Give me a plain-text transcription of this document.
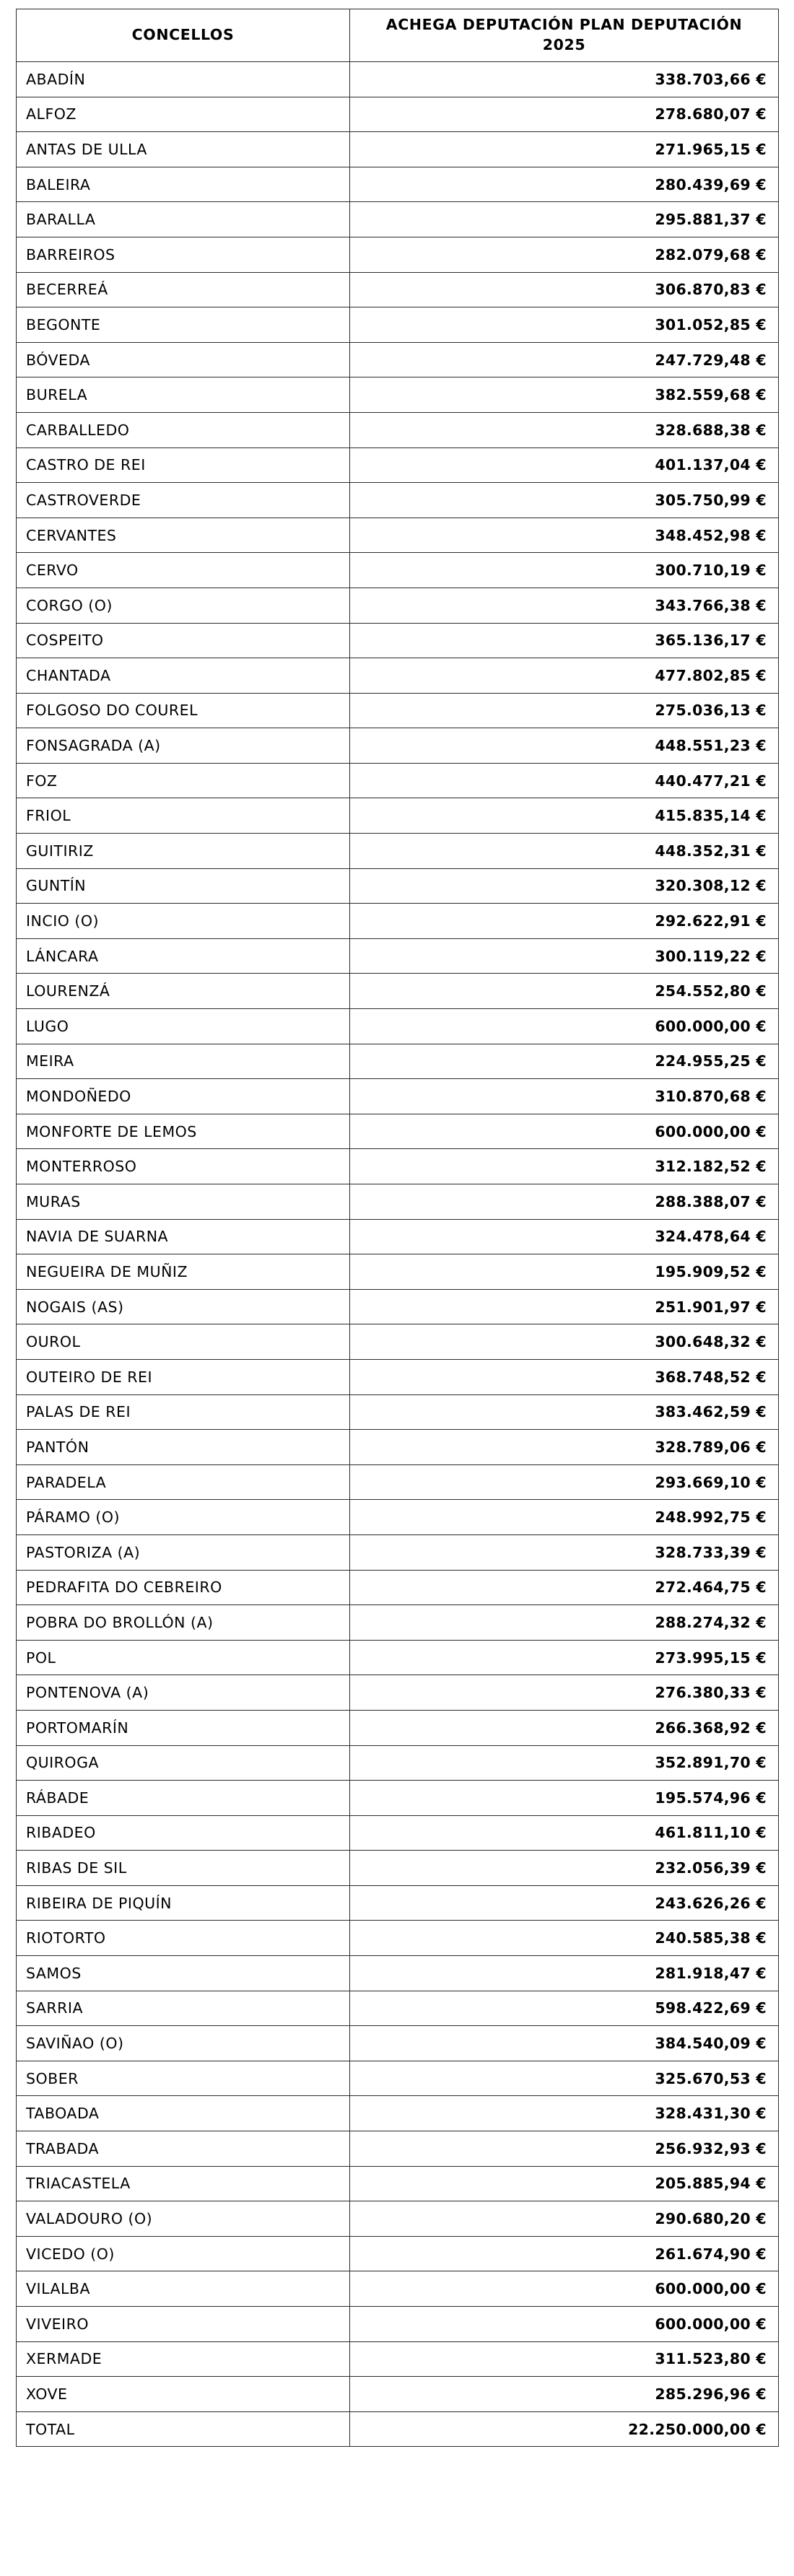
CONCELLOS	ACHEGA DEPUTACIÓN PLAN DEPUTACIÓN
2025

ABADÍN	338.703,66 €
ALFOZ	278.680,07 €
ANTAS DE ULLA	271.965,15 €
BALEIRA	280.439,69 €
BARALLA	295.881,37 €
BARREIROS	282.079,68 €
BECERREÁ	306.870,83 €
BEGONTE	301.052,85 €
BÓVEDA	247.729,48 €
BURELA	382.559,68 €
CARBALLEDO	328.688,38 €
CASTRO DE REI	401.137,04 €
CASTROVERDE	305.750,99 €
CERVANTES	348.452,98 €
CERVO	300.710,19 €
CORGO (O)	343.766,38 €
COSPEITO	365.136,17 €
CHANTADA	477.802,85 €
FOLGOSO DO COUREL	275.036,13 €
FONSAGRADA (A)	448.551,23 €
FOZ	440.477,21 €
FRIOL	415.835,14 €
GUITIRIZ	448.352,31 €
GUNTÍN	320.308,12 €
INCIO (O)	292.622,91 €
LÁNCARA	300.119,22 €
LOURENZÁ	254.552,80 €
LUGO	600.000,00 €
MEIRA	224.955,25 €
MONDOÑEDO	310.870,68 €
MONFORTE DE LEMOS	600.000,00 €
MONTERROSO	312.182,52 €
MURAS	288.388,07 €
NAVIA DE SUARNA	324.478,64 €
NEGUEIRA DE MUÑIZ	195.909,52 €
NOGAIS (AS)	251.901,97 €
OUROL	300.648,32 €
OUTEIRO DE REI	368.748,52 €
PALAS DE REI	383.462,59 €
PANTÓN	328.789,06 €
PARADELA	293.669,10 €
PÁRAMO (O)	248.992,75 €
PASTORIZA (A)	328.733,39 €
PEDRAFITA DO CEBREIRO	272.464,75 €
POBRA DO BROLLÓN (A)	288.274,32 €
POL	273.995,15 €
PONTENOVA (A)	276.380,33 €
PORTOMARÍN	266.368,92 €
QUIROGA	352.891,70 €
RÁBADE	195.574,96 €
RIBADEO	461.811,10 €
RIBAS DE SIL	232.056,39 €
RIBEIRA DE PIQUÍN	243.626,26 €
RIOTORTO	240.585,38 €
SAMOS	281.918,47 €
SARRIA	598.422,69 €
SAVIÑAO (O)	384.540,09 €
SOBER	325.670,53 €
TABOADA	328.431,30 €
TRABADA	256.932,93 €
TRIACASTELA	205.885,94 €
VALADOURO (O)	290.680,20 €
VICEDO (O)	261.674,90 €
VILALBA	600.000,00 €
VIVEIRO	600.000,00 €
XERMADE	311.523,80 €
XOVE	285.296,96 €
TOTAL	22.250.000,00 €
